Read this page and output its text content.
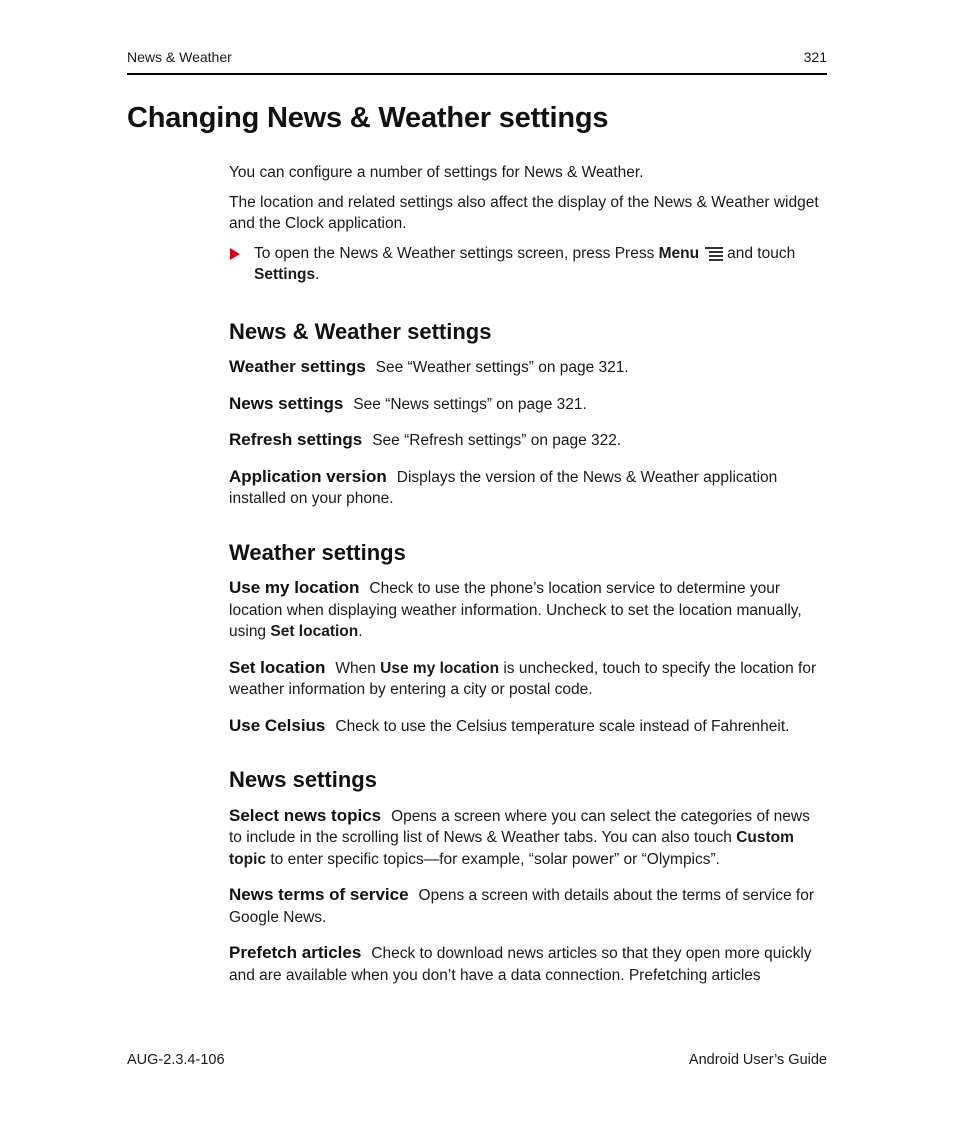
News & Weather	321
Changing News & Weather settings

You can configure a number of settings for News & Weather.

The location and related settings also affect the display of the News & Weather widget and the Clock application.

To open the News & Weather settings screen, press Press Menu and touch Settings.
News & Weather settings
Weather settings See “Weather settings” on page 321.
News settings See “News settings” on page 321.
Refresh settings See “Refresh settings” on page 322.
Application version Displays the version of the News & Weather application installed on your phone.
Weather settings
Use my location Check to use the phone’s location service to determine your location when displaying weather information. Uncheck to set the location manually, using Set location.
Set location When Use my location is unchecked, touch to specify the location for weather information by entering a city or postal code.
Use Celsius Check to use the Celsius temperature scale instead of Fahrenheit.
News settings
Select news topics Opens a screen where you can select the categories of news to include in the scrolling list of News & Weather tabs. You can also touch Custom topic to enter specific topics—for example, “solar power” or “Olympics”.
News terms of service Opens a screen with details about the terms of service for Google News.
Prefetch articles Check to download news articles so that they open more quickly and are available when you don’t have a data connection. Prefetching articles
AUG-2.3.4-106	Android User’s Guide
